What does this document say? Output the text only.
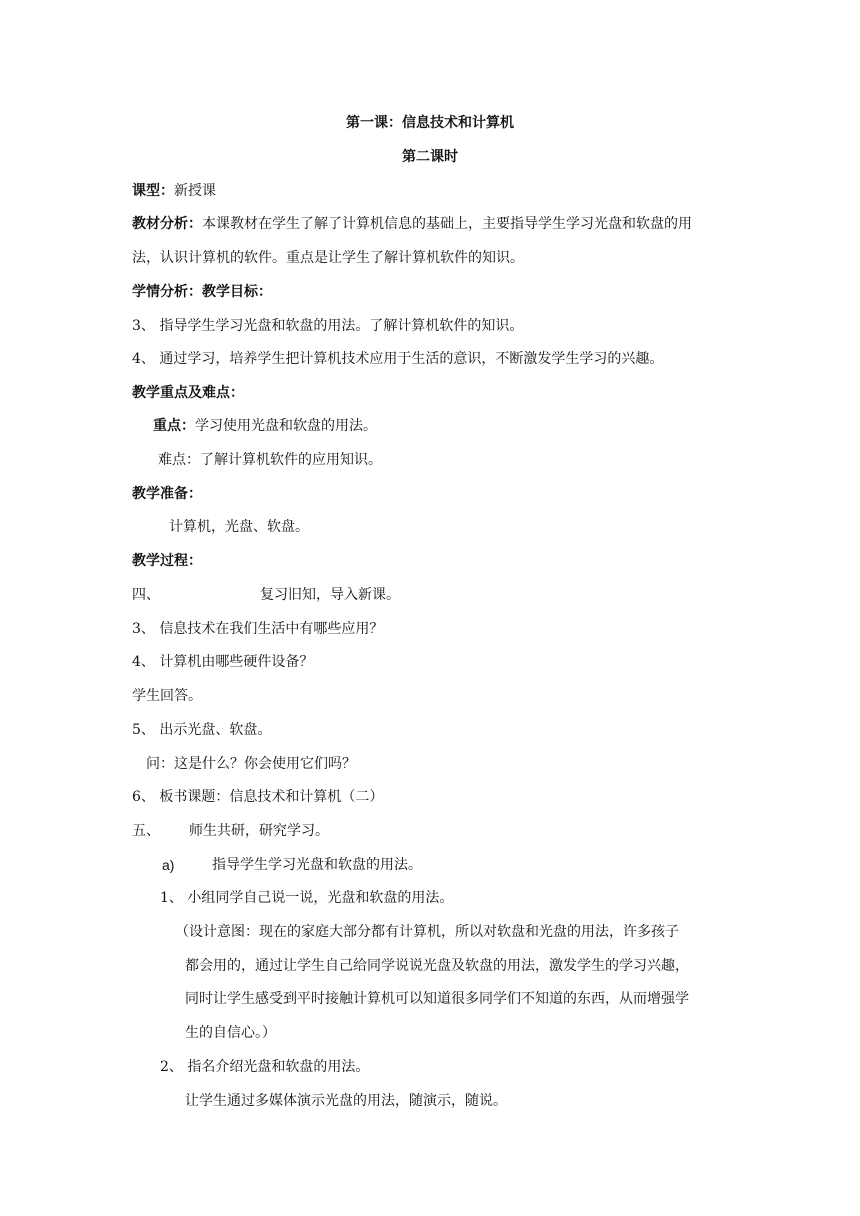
第一课：信息技术和计算机
第二课时
课型：新授课
教材分析：本课教材在学生了解了计算机信息的基础上，主要指导学生学习光盘和软盘的用
法，认识计算机的软件。重点是让学生了解计算机软件的知识。
学情分析：教学目标：
3、 指导学生学习光盘和软盘的用法。了解计算机软件的知识。
4、 通过学习，培养学生把计算机技术应用于生活的意识，不断激发学生学习的兴趣。
教学重点及难点：
重点：学习使用光盘和软盘的用法。
难点：了解计算机软件的应用知识。
教学准备：
计算机，光盘、软盘。
教学过程：
四、	复习旧知，导入新课。
3、 信息技术在我们生活中有哪些应用？
4、 计算机由哪些硬件设备？
学生回答。
5、 出示光盘、软盘。
问：这是什么？你会使用它们吗？
6、 板书课题：信息技术和计算机（二）
五、 师生共研，研究学习。
a)	指导学生学习光盘和软盘的用法。
1、 小组同学自己说一说，光盘和软盘的用法。
（设计意图：现在的家庭大部分都有计算机，所以对软盘和光盘的用法，许多孩子
都会用的，通过让学生自己给同学说说光盘及软盘的用法，激发学生的学习兴趣，
同时让学生感受到平时接触计算机可以知道很多同学们不知道的东西，从而增强学
生的自信心。）
2、 指名介绍光盘和软盘的用法。
让学生通过多媒体演示光盘的用法，随演示，随说。
